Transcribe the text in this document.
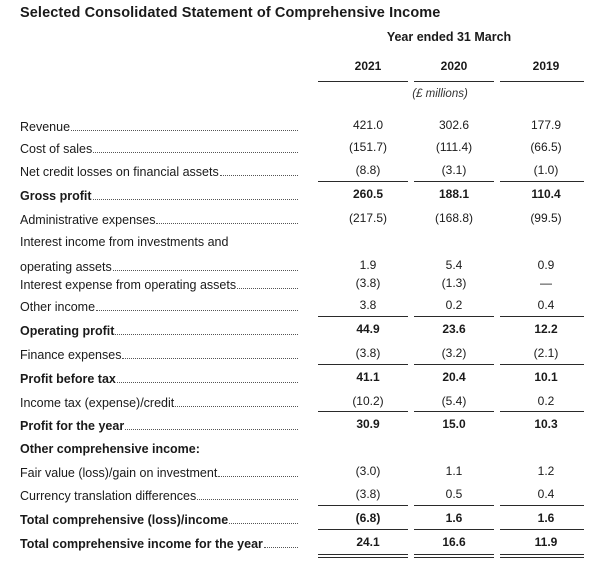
Selected Consolidated Statement of Comprehensive Income
Year ended 31 March
2021	2020	2019
(£ millions)
Revenue	421.0	302.6	177.9
Cost of sales	(151.7)	(111.4)	(66.5)
Net credit losses on financial assets	(8.8)	(3.1)	(1.0)
Gross profit	260.5	188.1	110.4
Administrative expenses	(217.5)	(168.8)	(99.5)
Interest income from investments and
operating assets	1.9	5.4	0.9
Interest expense from operating assets	(3.8)	(1.3)	—
Other income	3.8	0.2	0.4
Operating profit	44.9	23.6	12.2
Finance expenses	(3.8)	(3.2)	(2.1)
Profit before tax	41.1	20.4	10.1
Income tax (expense)/credit	(10.2)	(5.4)	0.2
Profit for the year	30.9	15.0	10.3
Other comprehensive income:
Fair value (loss)/gain on investment	(3.0)	1.1	1.2
Currency translation differences	(3.8)	0.5	0.4
Total comprehensive (loss)/income	(6.8)	1.6	1.6
Total comprehensive income for the year	24.1	16.6	11.9
